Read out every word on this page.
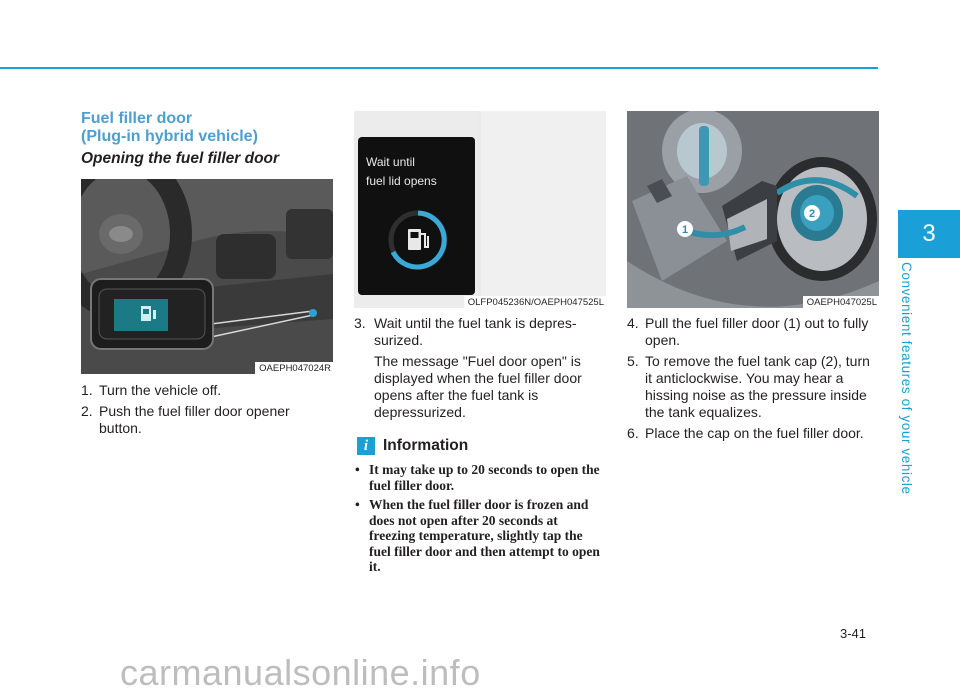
Fuel filler door
(Plug-in hybrid vehicle)
Opening the fuel filler door
OAEPH047024R
1. Turn the vehicle off.

2. Push the fuel filler door opener button.

Wait until
fuel lid opens
OLFP045236N/OAEPH047525L
3. Wait until the fuel tank is depressurized.

The message "Fuel door open" is displayed when the fuel filler door opens after the fuel tank is depressurized.

i Information
• It may take up to 20 seconds to open the fuel filler door.
• When the fuel filler door is frozen and does not open after 20 seconds at freezing temperature, slightly tap the fuel filler door and then attempt to open it.
1
2
OAEPH047025L
4. Pull the fuel filler door (1) out to fully open.

5. To remove the fuel tank cap (2), turn it anticlockwise. You may hear a hissing noise as the pressure inside the tank equalizes.

6. Place the cap on the fuel filler door.

3
Convenient features of your vehicle
3-41
carmanualsonline.info
